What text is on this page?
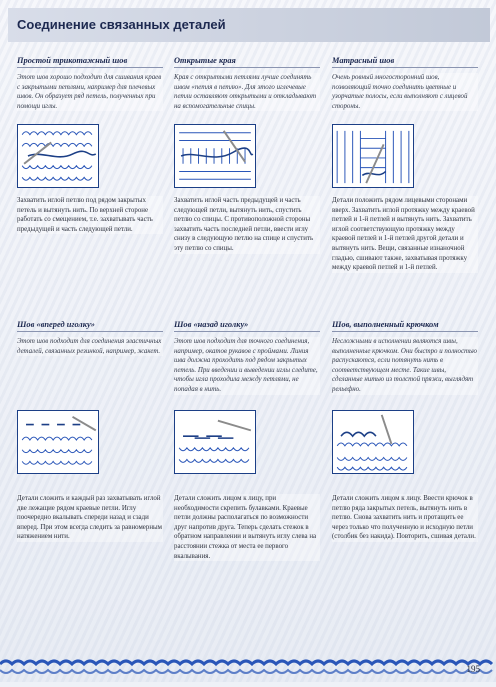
Соединение связанных деталей
Простой трикотажный шов
Этот шов хорошо подходит для сшивания краев с закрытыми петлями, например для плечевых швов. Он образует ряд петель, полученных при помощи иглы.
Захватить иглой петлю под рядом закрытых петель и вытянуть нить. По верхней стороне работать со смещением, т.е. захватывать часть предыдущей и часть следующей петли.
Открытые края
Края с открытыми петлями лучше соединять швом «петля в петлю». Для этого иглечевые петли оставляют открытыми и откладывают на вспомогательные спицы.
Захватить иглой часть предыдущей и часть следующей петли, вытянуть нить, спустить петлю со спицы. С противоположной стороны захватить часть последней петли, ввести иглу снизу в следующую петлю на спице и спустить эту петлю со спицы.
Матрасный шов
Очень ровный многосторонний шов, позволяющий точно соединить цветные и узорчатые полосы, если выполняют с лицевой стороны.
Детали положить рядом лицевыми сторонами вверх. Захватить иглой протяжку между краевой петлей и 1-й петлей и вытянуть нить. Захватить иглой соответствующую протяжку между краевой петлей и 1-й петлей другой детали и вытянуть нить. Вещи, связанные изнаночной гладью, сшивают также, захватывая протяжку между краевой петлей и 1-й петлей.
Шов «вперед иголку»
Этот шов подходит для соединения эластичных деталей, связанных резинкой, например, жакет.
Детали сложить и каждый раз захватывать иглой две лежащие рядом краевые петли. Иглу поочередно вкалывать спереди назад и сзади вперед. При этом всегда следить за равномерным натяжением нити.
Шов «назад иголку»
Этот шов подходит для точного соединения, например, окатов рукавов с проймами. Линия шва должна проходить под рядом закрытых петель. При введении и выведении иглы следите, чтобы игла проходила между петлями, не попадая в нить.
Детали сложить лицом к лицу, при необходимости скрепить булавками. Краевые петли должны располагаться по возможности друг напротив друга. Теперь сделать стежок в обратном направлении и вытянуть иглу слева на расстоянии стежка от места ее первого вкалывания.
Шов, выполненный крючком
Несложными в исполнении являются швы, выполненные крючком. Они быстро и полностью распускаются, если потянуть нить в соответствующем месте. Такие швы, сделанные нитью из толстой пряжи, выглядят рельефно.
Детали сложить лицом к лицу. Ввести крючок в петлю ряда закрытых петель, вытянуть нить в петлю. Снова захватить нить и протащить ее через только что полученную и исходную петли (столбик без накида). Повторить, сшивая детали.
195
